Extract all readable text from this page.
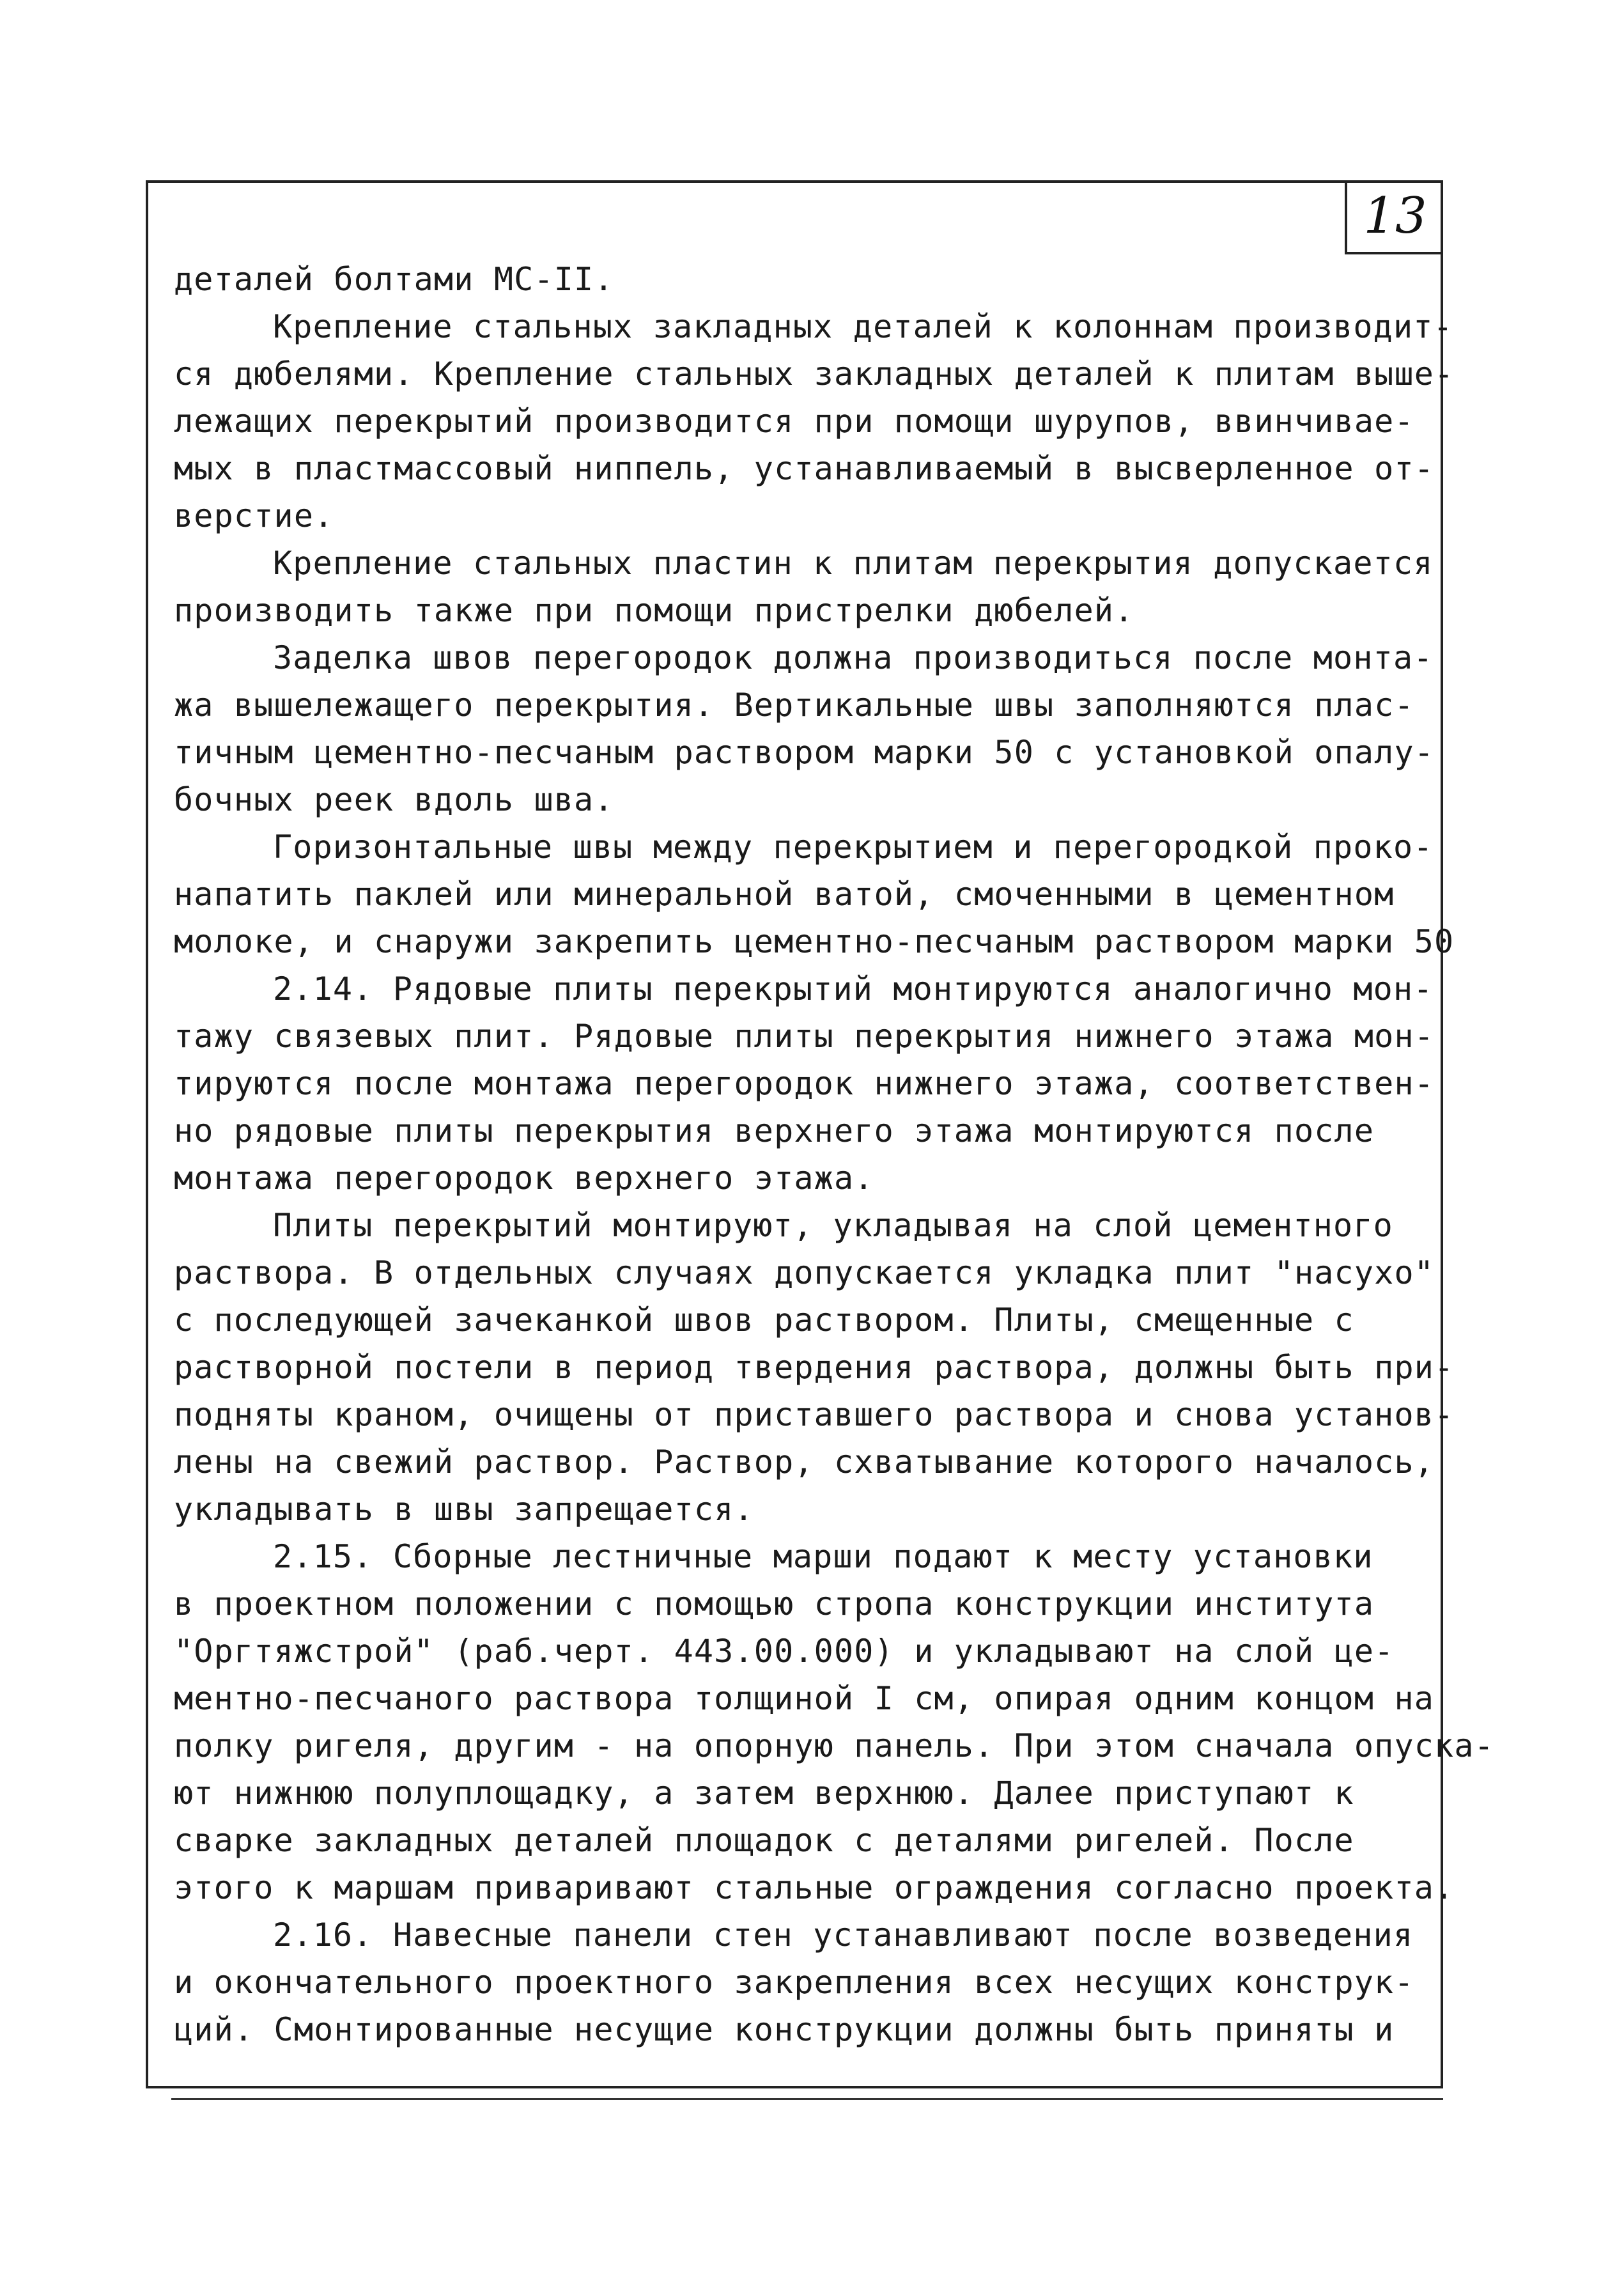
13
деталей болтами МС-II.
Крепление стальных закладных деталей к колоннам производит-
ся дюбелями. Крепление стальных закладных деталей к плитам выше-
лежащих перекрытий производится при помощи шурупов, ввинчивае-
мых в пластмассовый ниппель, устанавливаемый в высверленное от-
верстие.
Крепление стальных пластин к плитам перекрытия допускается
производить также при помощи пристрелки дюбелей.
Заделка швов перегородок должна производиться после монта-
жа вышележащего перекрытия. Вертикальные швы заполняются плас-
тичным цементно-песчаным раствором марки 50 с установкой опалу-
бочных реек вдоль шва.
Горизонтальные швы между перекрытием и перегородкой проко-
напатить паклей или минеральной ватой, смоченными в цементном
молоке, и снаружи закрепить цементно-песчаным раствором марки 50
2.14. Рядовые плиты перекрытий монтируются аналогично мон-
тажу связевых плит. Рядовые плиты перекрытия нижнего этажа мон-
тируются после монтажа перегородок нижнего этажа, соответствен-
но рядовые плиты перекрытия верхнего этажа монтируются после
монтажа перегородок верхнего этажа.
Плиты перекрытий монтируют, укладывая на слой цементного
раствора. В отдельных случаях допускается укладка плит "насухо"
с последующей зачеканкой швов раствором. Плиты, смещенные с
растворной постели в период твердения раствора, должны быть при-
подняты краном, очищены от приставшего раствора и снова установ-
лены на свежий раствор. Раствор, схватывание которого началось,
укладывать в швы запрещается.
2.15. Сборные лестничные марши подают к месту установки
в проектном положении с помощью стропа конструкции института
"Оргтяжстрой" (раб.черт. 443.00.000) и укладывают на слой це-
ментно-песчаного раствора толщиной I см, опирая одним концом на
полку ригеля, другим - на опорную панель. При этом сначала опуска-
ют нижнюю полуплощадку, а затем верхнюю. Далее приступают к
сварке закладных деталей площадок с деталями ригелей. После
этого к маршам приваривают стальные ограждения согласно проекта.
2.16. Навесные панели стен устанавливают после возведения
и окончательного проектного закрепления всех несущих конструк-
ций. Смонтированные несущие конструкции должны быть приняты и
